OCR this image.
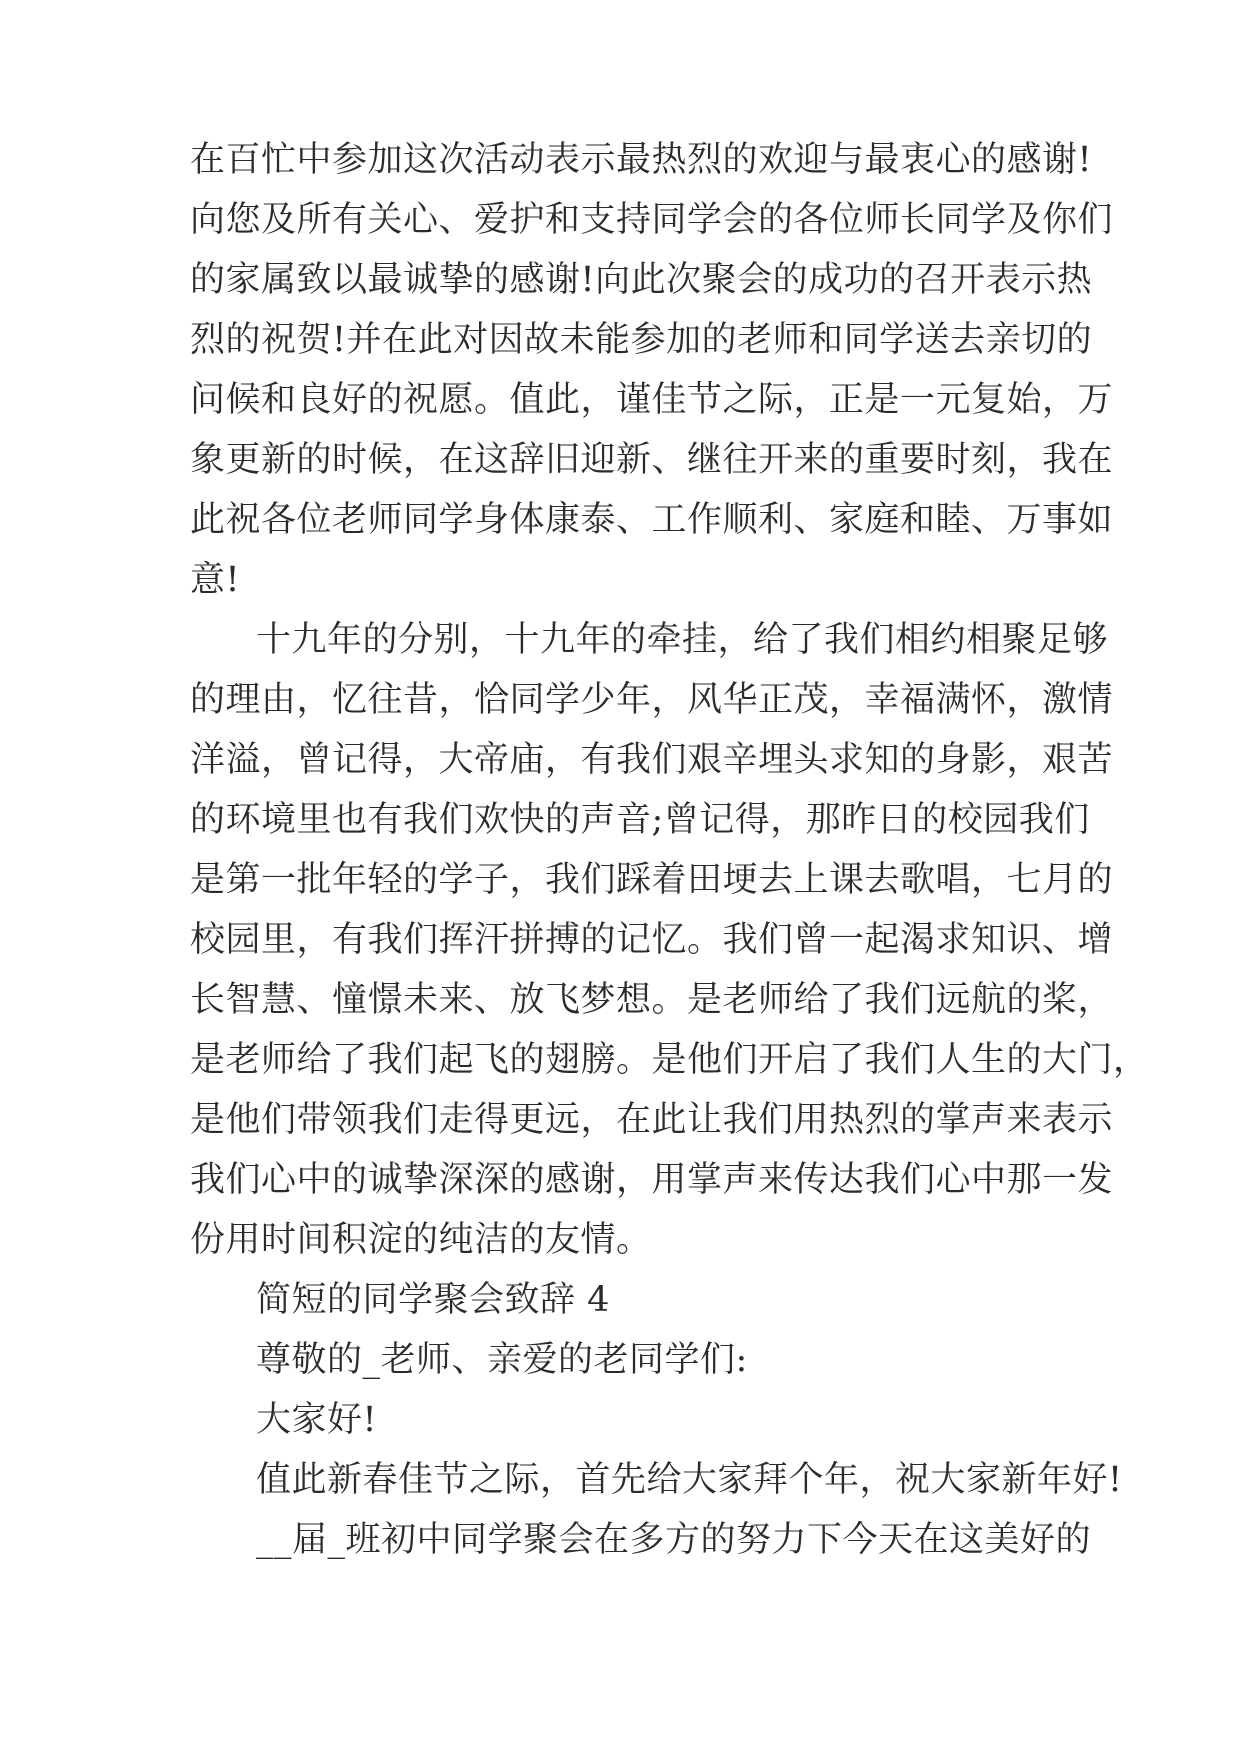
在百忙中参加这次活动表示最热烈的欢迎与最衷心的感谢!
向您及所有关心、爱护和支持同学会的各位师长同学及你们
的家属致以最诚挚的感谢!向此次聚会的成功的召开表示热
烈的祝贺!并在此对因故未能参加的老师和同学送去亲切的
问候和良好的祝愿。值此，谨佳节之际，正是一元复始，万
象更新的时候，在这辞旧迎新、继往开来的重要时刻，我在
此祝各位老师同学身体康泰、工作顺利、家庭和睦、万事如
意!
十九年的分别，十九年的牵挂，给了我们相约相聚足够
的理由，忆往昔，恰同学少年，风华正茂，幸福满怀，激情
洋溢，曾记得，大帝庙，有我们艰辛埋头求知的身影，艰苦
的环境里也有我们欢快的声音;曾记得，那昨日的校园我们
是第一批年轻的学子，我们踩着田埂去上课去歌唱，七月的
校园里，有我们挥汗拼搏的记忆。我们曾一起渴求知识、增
长智慧、憧憬未来、放飞梦想。是老师给了我们远航的桨，
是老师给了我们起飞的翅膀。是他们开启了我们人生的大门，
是他们带领我们走得更远，在此让我们用热烈的掌声来表示
我们心中的诚挚深深的感谢，用掌声来传达我们心中那一发
份用时间积淀的纯洁的友情。
简短的同学聚会致辞 4
尊敬的_老师、亲爱的老同学们:
大家好!
值此新春佳节之际，首先给大家拜个年，祝大家新年好!
__届_班初中同学聚会在多方的努力下今天在这美好的
